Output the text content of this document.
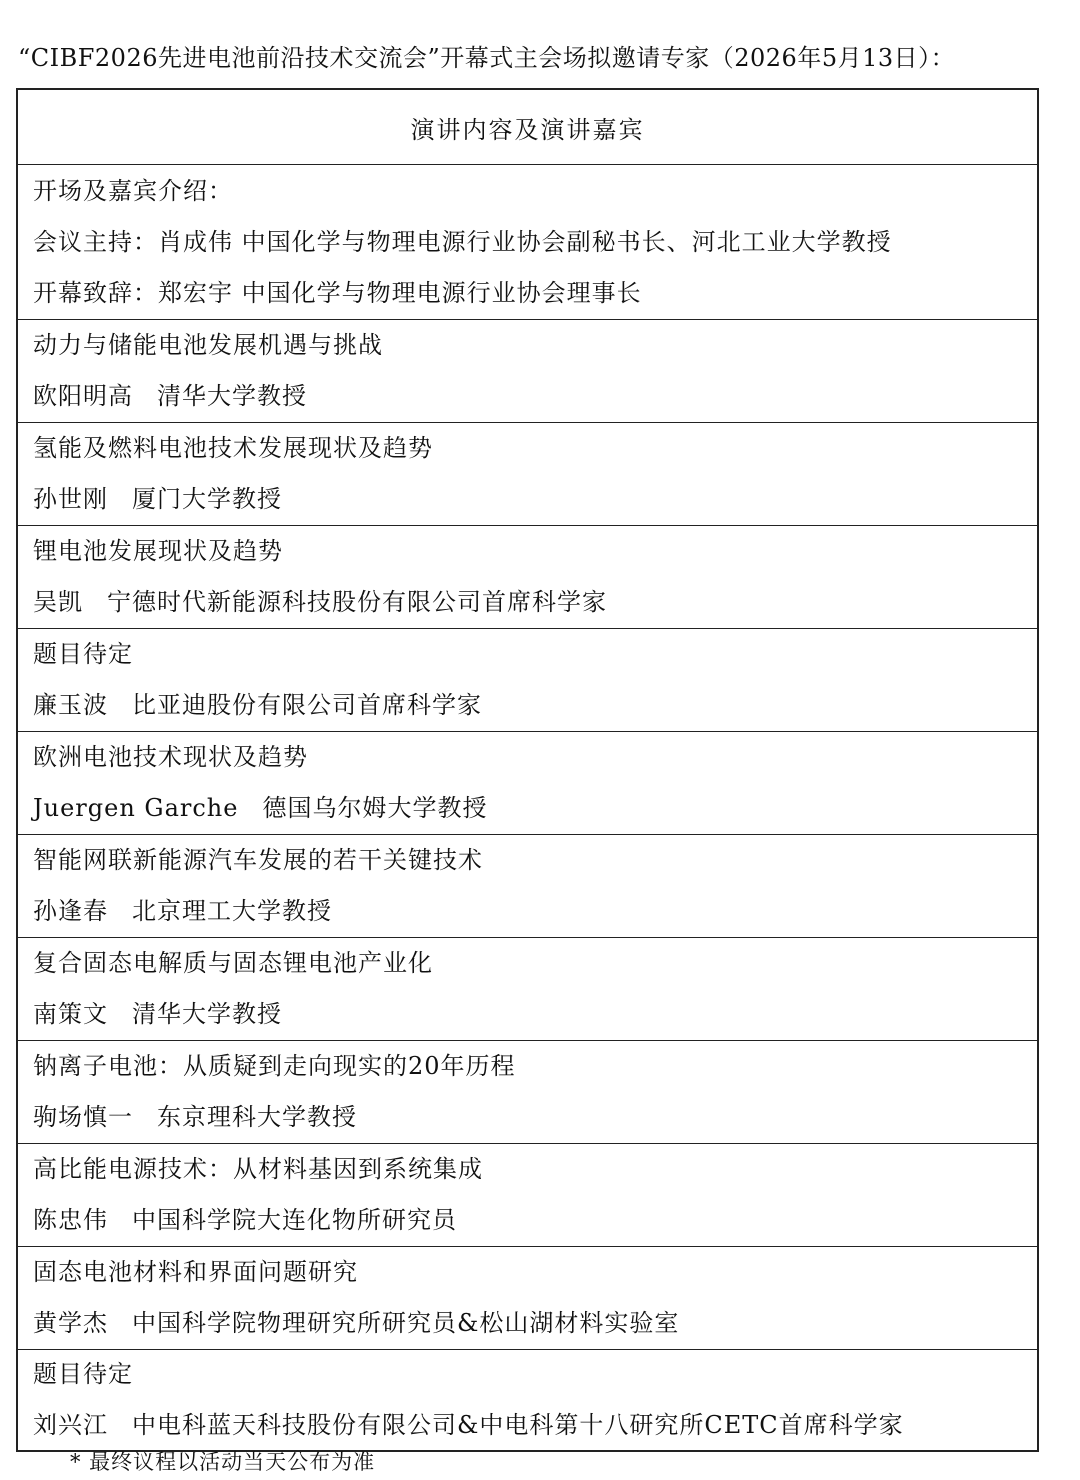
“CIBF2026先进电池前沿技术交流会”开幕式主会场拟邀请专家（2026年5月13日）：
演讲内容及演讲嘉宾
开场及嘉宾介绍：
会议主持：肖成伟 中国化学与物理电源行业协会副秘书长、河北工业大学教授
开幕致辞：郑宏宇 中国化学与物理电源行业协会理事长
动力与储能电池发展机遇与挑战
欧阳明高 清华大学教授
氢能及燃料电池技术发展现状及趋势
孙世刚 厦门大学教授
锂电池发展现状及趋势
吴凯 宁德时代新能源科技股份有限公司首席科学家
题目待定
廉玉波 比亚迪股份有限公司首席科学家
欧洲电池技术现状及趋势
Juergen Garche 德国乌尔姆大学教授
智能网联新能源汽车发展的若干关键技术
孙逢春 北京理工大学教授
复合固态电解质与固态锂电池产业化
南策文 清华大学教授
钠离子电池：从质疑到走向现实的20年历程
驹场慎一 东京理科大学教授
高比能电源技术：从材料基因到系统集成
陈忠伟 中国科学院大连化物所研究员
固态电池材料和界面问题研究
黄学杰 中国科学院物理研究所研究员&松山湖材料实验室
题目待定
刘兴江 中电科蓝天科技股份有限公司&中电科第十八研究所CETC首席科学家
* 最终议程以活动当天公布为准
